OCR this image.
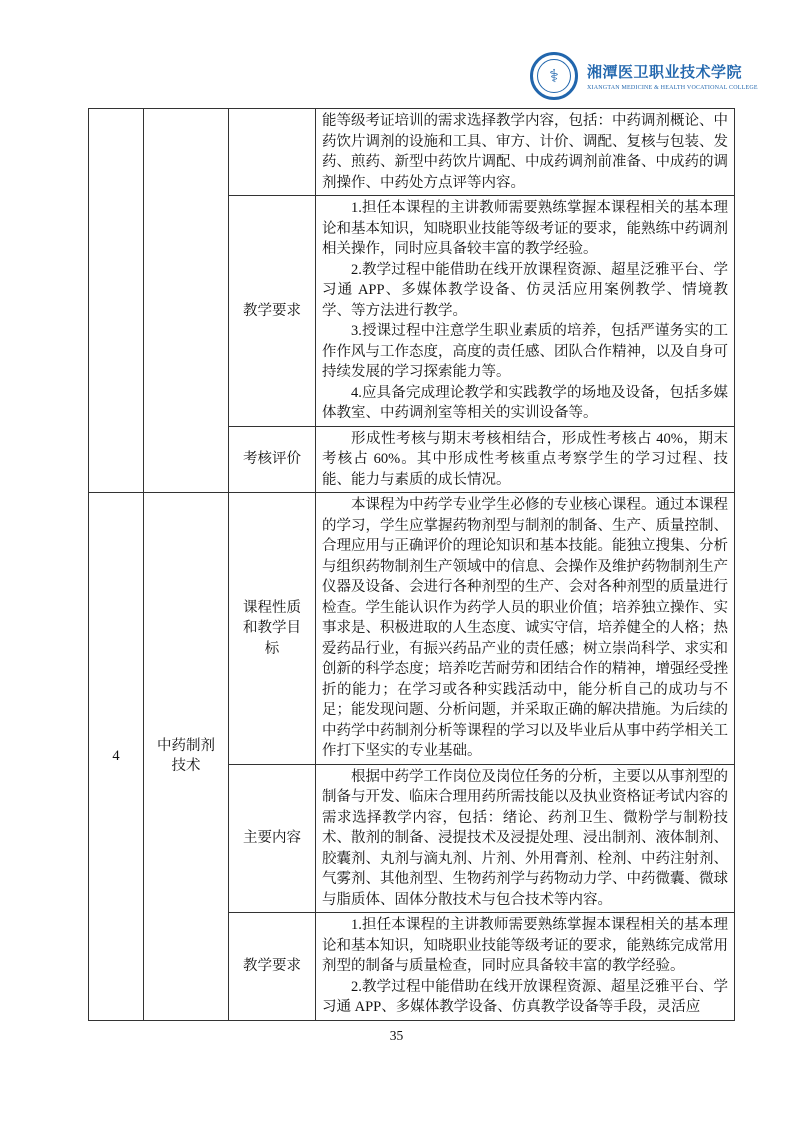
⚕ 湘潭医卫职业技术学院
XIANGTAN MEDICINE & HEALTH VOCATIONAL COLLEGE

			能等级考证培训的需求选择教学内容，包括：中药调剂概论、中药饮片调剂的设施和工具、审方、计价、调配、复核与包装、发药、煎药、新型中药饮片调配、中成药调剂前准备、中成药的调剂操作、中药处方点评等内容。

		教学要求	1.担任本课程的主讲教师需要熟练掌握本课程相关的基本理论和基本知识，知晓职业技能等级考证的要求，能熟练中药调剂相关操作，同时应具备较丰富的教学经验。

2.教学过程中能借助在线开放课程资源、超星泛雅平台、学习通 APP、多媒体教学设备、仿灵活应用案例教学、情境教学、等方法进行教学。

3.授课过程中注意学生职业素质的培养，包括严谨务实的工作作风与工作态度，高度的责任感、团队合作精神，以及自身可持续发展的学习探索能力等。

4.应具备完成理论教学和实践教学的场地及设备，包括多媒体教室、中药调剂室等相关的实训设备等。

		考核评价	形成性考核与期末考核相结合，形成性考核占 40%，期末考核占 60%。其中形成性考核重点考察学生的学习过程、技能、能力与素质的成长情况。

4	中药制剂技术	课程性质和教学目标	本课程为中药学专业学生必修的专业核心课程。通过本课程的学习，学生应掌握药物剂型与制剂的制备、生产、质量控制、合理应用与正确评价的理论知识和基本技能。能独立搜集、分析与组织药物制剂生产领域中的信息、会操作及维护药物制剂生产仪器及设备、会进行各种剂型的生产、会对各种剂型的质量进行检查。学生能认识作为药学人员的职业价值；培养独立操作、实事求是、积极进取的人生态度、诚实守信，培养健全的人格；热爱药品行业，有振兴药品产业的责任感；树立崇尚科学、求实和创新的科学态度；培养吃苦耐劳和团结合作的精神，增强经受挫折的能力；在学习或各种实践活动中，能分析自己的成功与不足；能发现问题、分析问题，并采取正确的解决措施。为后续的中药学中药制剂分析等课程的学习以及毕业后从事中药学相关工作打下坚实的专业基础。

		主要内容	根据中药学工作岗位及岗位任务的分析，主要以从事剂型的制备与开发、临床合理用药所需技能以及执业资格证考试内容的需求选择教学内容，包括：绪论、药剂卫生、微粉学与制粉技术、散剂的制备、浸提技术及浸提处理、浸出制剂、液体制剂、胶囊剂、丸剂与滴丸剂、片剂、外用膏剂、栓剂、中药注射剂、气雾剂、其他剂型、生物药剂学与药物动力学、中药微囊、微球与脂质体、固体分散技术与包合技术等内容。

		教学要求	1.担任本课程的主讲教师需要熟练掌握本课程相关的基本理论和基本知识，知晓职业技能等级考证的要求，能熟练完成常用剂型的制备与质量检查，同时应具备较丰富的教学经验。

2.教学过程中能借助在线开放课程资源、超星泛雅平台、学习通 APP、多媒体教学设备、仿真教学设备等手段，灵活应

35
